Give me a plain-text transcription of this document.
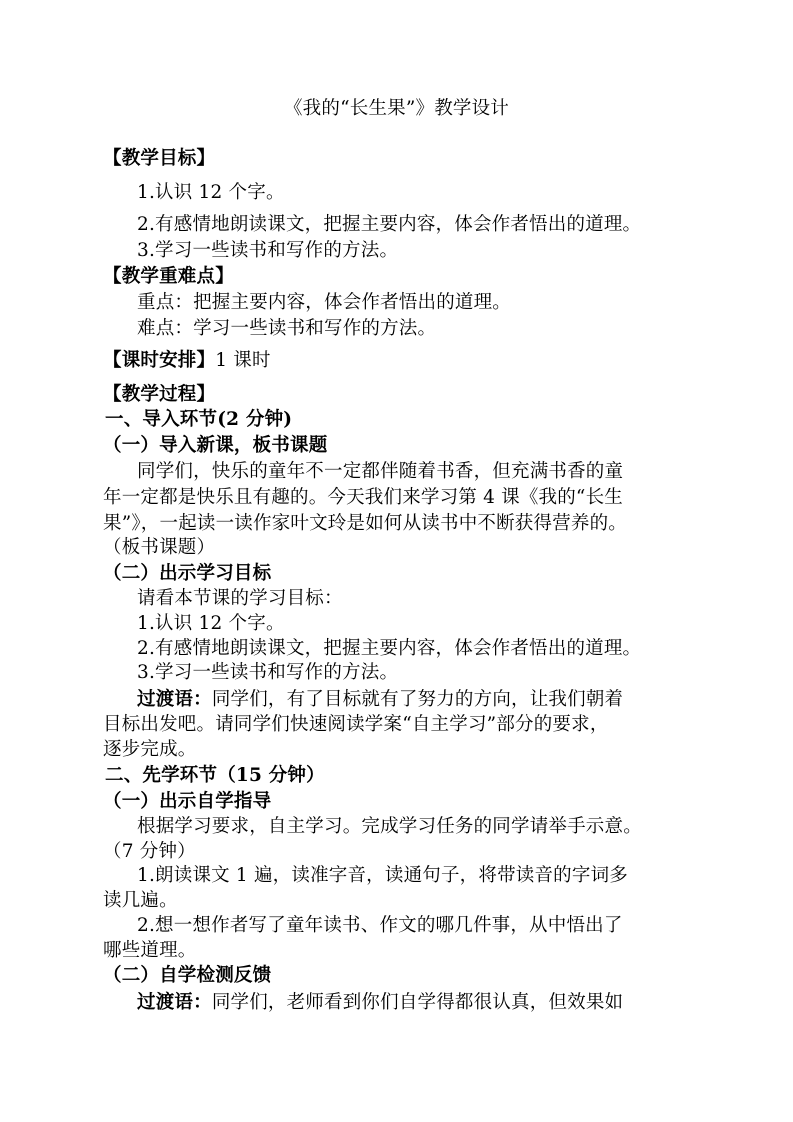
《我的“长生果”》教学设计
【教学目标】
1.认识 12 个字。
2.有感情地朗读课文，把握主要内容，体会作者悟出的道理。
3.学习一些读书和写作的方法。
【教学重难点】
重点：把握主要内容，体会作者悟出的道理。
难点：学习一些读书和写作的方法。
【课时安排】1 课时
【教学过程】
一、导入环节(2 分钟)
（一）导入新课，板书课题
同学们，快乐的童年不一定都伴随着书香，但充满书香的童
年一定都是快乐且有趣的。今天我们来学习第 4 课《我的“长生
果”》，一起读一读作家叶文玲是如何从读书中不断获得营养的。
（板书课题）
（二）出示学习目标
请看本节课的学习目标：
1.认识 12 个字。
2.有感情地朗读课文，把握主要内容，体会作者悟出的道理。
3.学习一些读书和写作的方法。
过渡语：同学们，有了目标就有了努力的方向，让我们朝着
目标出发吧。请同学们快速阅读学案“自主学习”部分的要求，
逐步完成。
二、先学环节（15 分钟）
（一）出示自学指导
根据学习要求，自主学习。完成学习任务的同学请举手示意。
（7 分钟）
1.朗读课文 1 遍，读准字音，读通句子，将带读音的字词多
读几遍。
2.想一想作者写了童年读书、作文的哪几件事，从中悟出了
哪些道理。
（二）自学检测反馈
过渡语：同学们，老师看到你们自学得都很认真，但效果如
